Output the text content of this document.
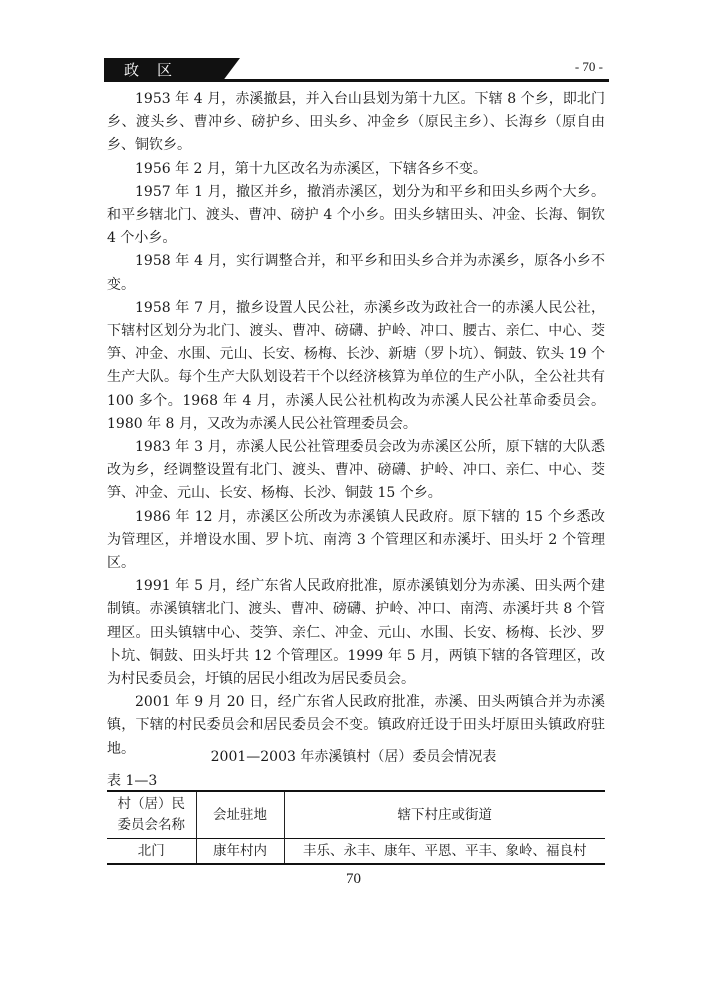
政区	- 70 -

1953 年 4 月，赤溪撤县，并入台山县划为第十九区。下辖 8 个乡，即北门乡、渡头乡、曹冲乡、磅护乡、田头乡、冲金乡（原民主乡）、长海乡（原自由乡、铜钦乡。

1956 年 2 月，第十九区改名为赤溪区，下辖各乡不变。

1957 年 1 月，撤区并乡，撤消赤溪区，划分为和平乡和田头乡两个大乡。和平乡辖北门、渡头、曹冲、磅护 4 个小乡。田头乡辖田头、冲金、长海、铜钦 4 个小乡。

1958 年 4 月，实行调整合并，和平乡和田头乡合并为赤溪乡，原各小乡不变。

1958 年 7 月，撤乡设置人民公社，赤溪乡改为政社合一的赤溪人民公社，下辖村区划分为北门、渡头、曹冲、磅礴、护岭、冲口、腰古、亲仁、中心、茭笋、冲金、水围、元山、长安、杨梅、长沙、新塘（罗卜坑）、铜鼓、钦头 19 个生产大队。每个生产大队划设若干个以经济核算为单位的生产小队，全公社共有 100 多个。1968 年 4 月，赤溪人民公社机构改为赤溪人民公社革命委员会。1980 年 8 月，又改为赤溪人民公社管理委员会。

1983 年 3 月，赤溪人民公社管理委员会改为赤溪区公所，原下辖的大队悉改为乡，经调整设置有北门、渡头、曹冲、磅礴、护岭、冲口、亲仁、中心、茭笋、冲金、元山、长安、杨梅、长沙、铜鼓 15 个乡。

1986 年 12 月，赤溪区公所改为赤溪镇人民政府。原下辖的 15 个乡悉改为管理区，并增设水围、罗卜坑、南湾 3 个管理区和赤溪圩、田头圩 2 个管理区。

1991 年 5 月，经广东省人民政府批准，原赤溪镇划分为赤溪、田头两个建制镇。赤溪镇辖北门、渡头、曹冲、磅礴、护岭、冲口、南湾、赤溪圩共 8 个管理区。田头镇辖中心、茭笋、亲仁、冲金、元山、水围、长安、杨梅、长沙、罗卜坑、铜鼓、田头圩共 12 个管理区。1999 年 5 月，两镇下辖的各管理区，改为村民委员会，圩镇的居民小组改为居民委员会。

2001 年 9 月 20 日，经广东省人民政府批准，赤溪、田头两镇合并为赤溪镇，下辖的村民委员会和居民委员会不变。镇政府迁设于田头圩原田头镇政府驻地。

2001—2003 年赤溪镇村（居）委员会情况表
表 1—3
村（居）民
委员会名称	会址驻地	辖下村庄或街道
北门	康年村内	丰乐、永丰、康年、平恩、平丰、象岭、福良村
70
